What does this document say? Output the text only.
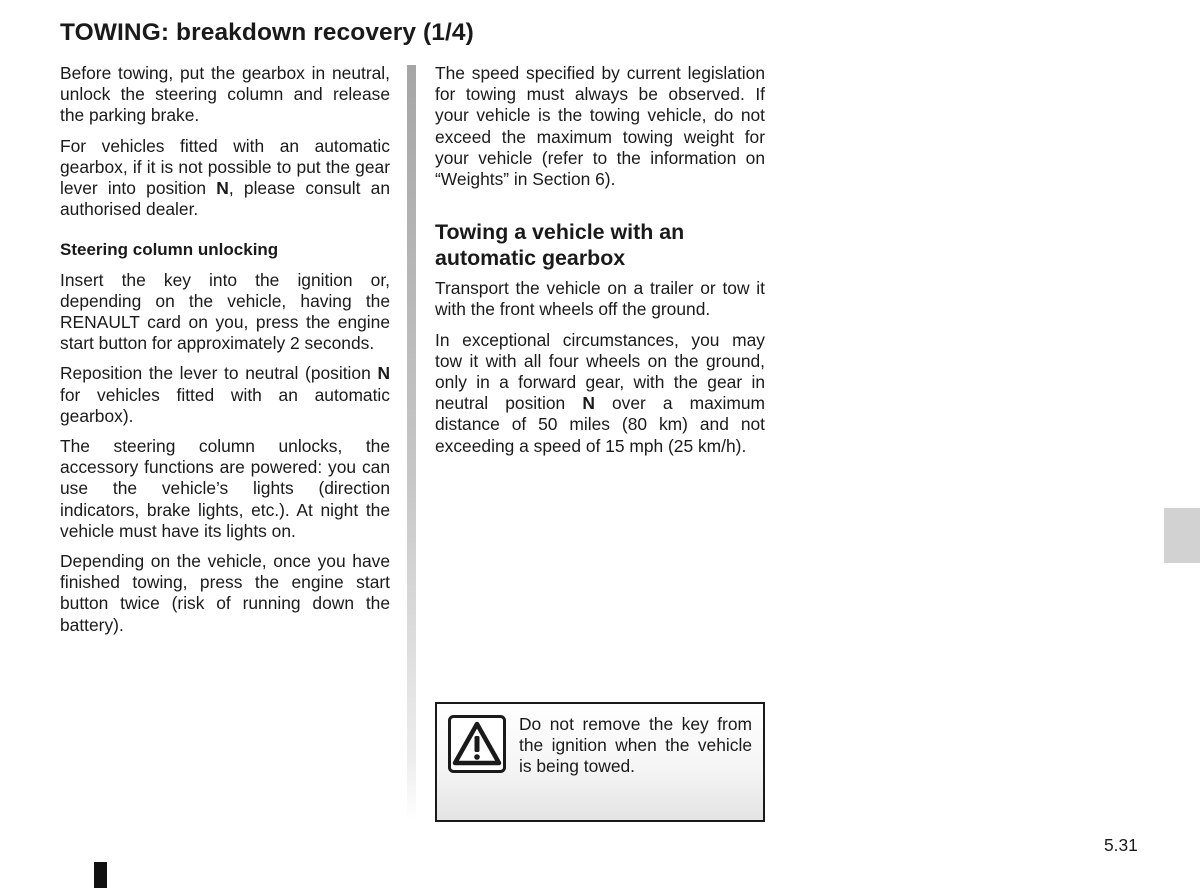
TOWING: breakdown recovery (1/4)

Before towing, put the gearbox in neutral, unlock the steering column and release the parking brake.

For vehicles fitted with an automatic gearbox, if it is not possible to put the gear lever into position N, please consult an authorised dealer.

Steering column unlocking

Insert the key into the ignition or, depending on the vehicle, having the RENAULT card on you, press the engine start button for approximately 2 seconds.

Reposition the lever to neutral (position N for vehicles fitted with an automatic gearbox).

The steering column unlocks, the accessory functions are powered: you can use the vehicle’s lights (direction indicators, brake lights, etc.). At night the vehicle must have its lights on.

Depending on the vehicle, once you have finished towing, press the engine start button twice (risk of running down the battery).

The speed specified by current legislation for towing must always be observed. If your vehicle is the towing vehicle, do not exceed the maximum towing weight for your vehicle (refer to the information on “Weights” in Section 6).

Towing a vehicle with an automatic gearbox

Transport the vehicle on a trailer or tow it with the front wheels off the ground.

In exceptional circumstances, you may tow it with all four wheels on the ground, only in a forward gear, with the gear in neutral position N over a maximum distance of 50 miles (80 km) and not exceeding a speed of 15 mph (25 km/h).

Do not remove the key from the ignition when the vehicle is being towed.

5.31
